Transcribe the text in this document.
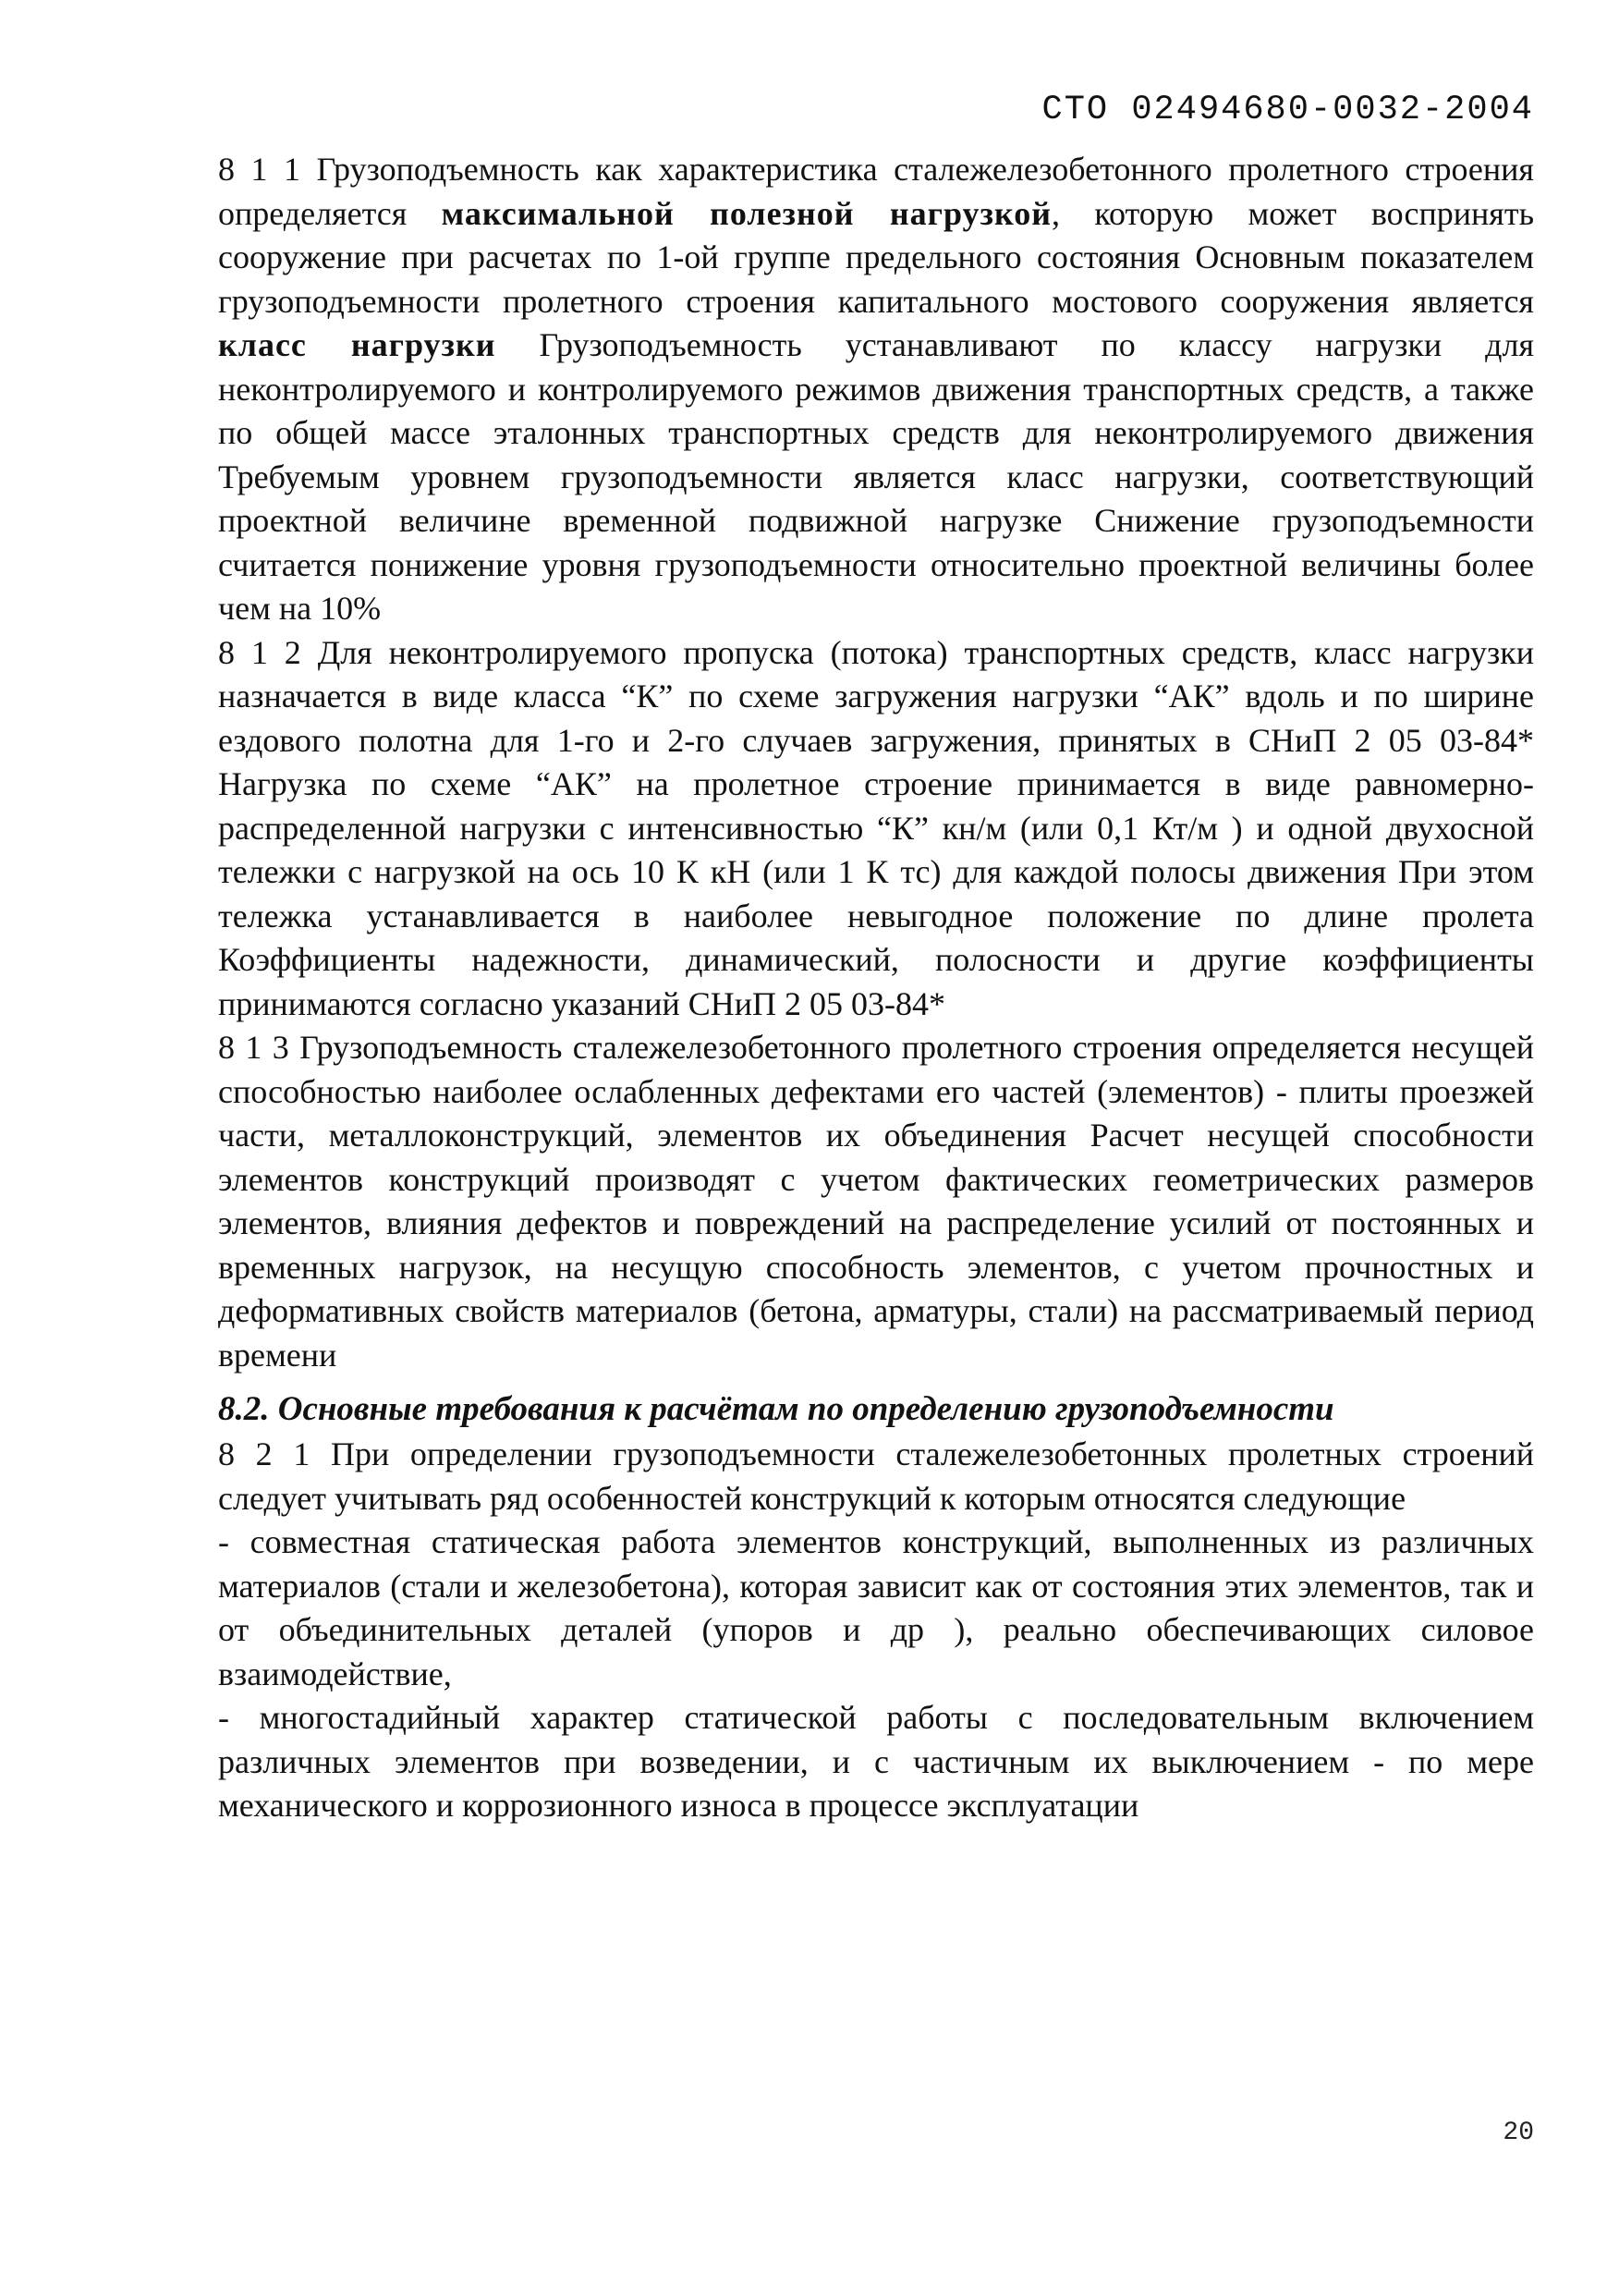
СТО 02494680-0032-2004

8 1 1 Грузоподъемность как характеристика сталежелезобетонного пролетного строения определяется максимальной полезной нагрузкой, которую может воспринять сооружение при расчетах по 1-ой группе предельного состояния Основным показателем грузоподъемности пролетного строения капитального мостового сооружения является класс нагрузки Грузоподъемность устанавливают по классу нагрузки для неконтролируемого и контролируемого режимов движения транспортных средств, а также по общей массе эталонных транспортных средств для неконтролируемого движения Требуемым уровнем грузоподъемности является класс нагрузки, соответствующий проектной величине временной подвижной нагрузке Снижение грузоподъемности считается понижение уровня грузоподъемности относительно проектной величины более чем на 10%

8 1 2 Для неконтролируемого пропуска (потока) транспортных средств, класс нагрузки назначается в виде класса “К” по схеме загружения нагрузки “АК” вдоль и по ширине ездового полотна для 1-го и 2-го случаев загружения, принятых в СНиП 2 05 03-84* Нагрузка по схеме “АК” на пролетное строение принимается в виде равномерно-распределенной нагрузки с интенсивностью “К” кн/м (или 0,1 Кт/м ) и одной двухосной тележки с нагрузкой на ось 10 К кН (или 1 К тс) для каждой полосы движения При этом тележка устанавливается в наиболее невыгодное положение по длине пролета Коэффициенты надежности, динамический, полосности и другие коэффициенты принимаются согласно указаний СНиП 2 05 03-84*

8 1 3 Грузоподъемность сталежелезобетонного пролетного строения определяется несущей способностью наиболее ослабленных дефектами его частей (элементов) - плиты проезжей части, металлоконструкций, элементов их объединения Расчет несущей способности элементов конструкций производят с учетом фактических геометрических размеров элементов, влияния дефектов и повреждений на распределение усилий от постоянных и временных нагрузок, на несущую способность элементов, с учетом прочностных и деформативных свойств материалов (бетона, арматуры, стали) на рассматриваемый период времени

8.2. Основные требования к расчётам по определению грузоподъемности

8 2 1 При определении грузоподъемности сталежелезобетонных пролетных строений следует учитывать ряд особенностей конструкций к которым относятся следующие

- совместная статическая работа элементов конструкций, выполненных из различных материалов (стали и железобетона), которая зависит как от состояния этих элементов, так и от объединительных деталей (упоров и др ), реально обеспечивающих силовое взаимодействие,

- многостадийный характер статической работы с последовательным включением различных элементов при возведении, и с частичным их выключением - по мере механического и коррозионного износа в процессе эксплуатации

20
